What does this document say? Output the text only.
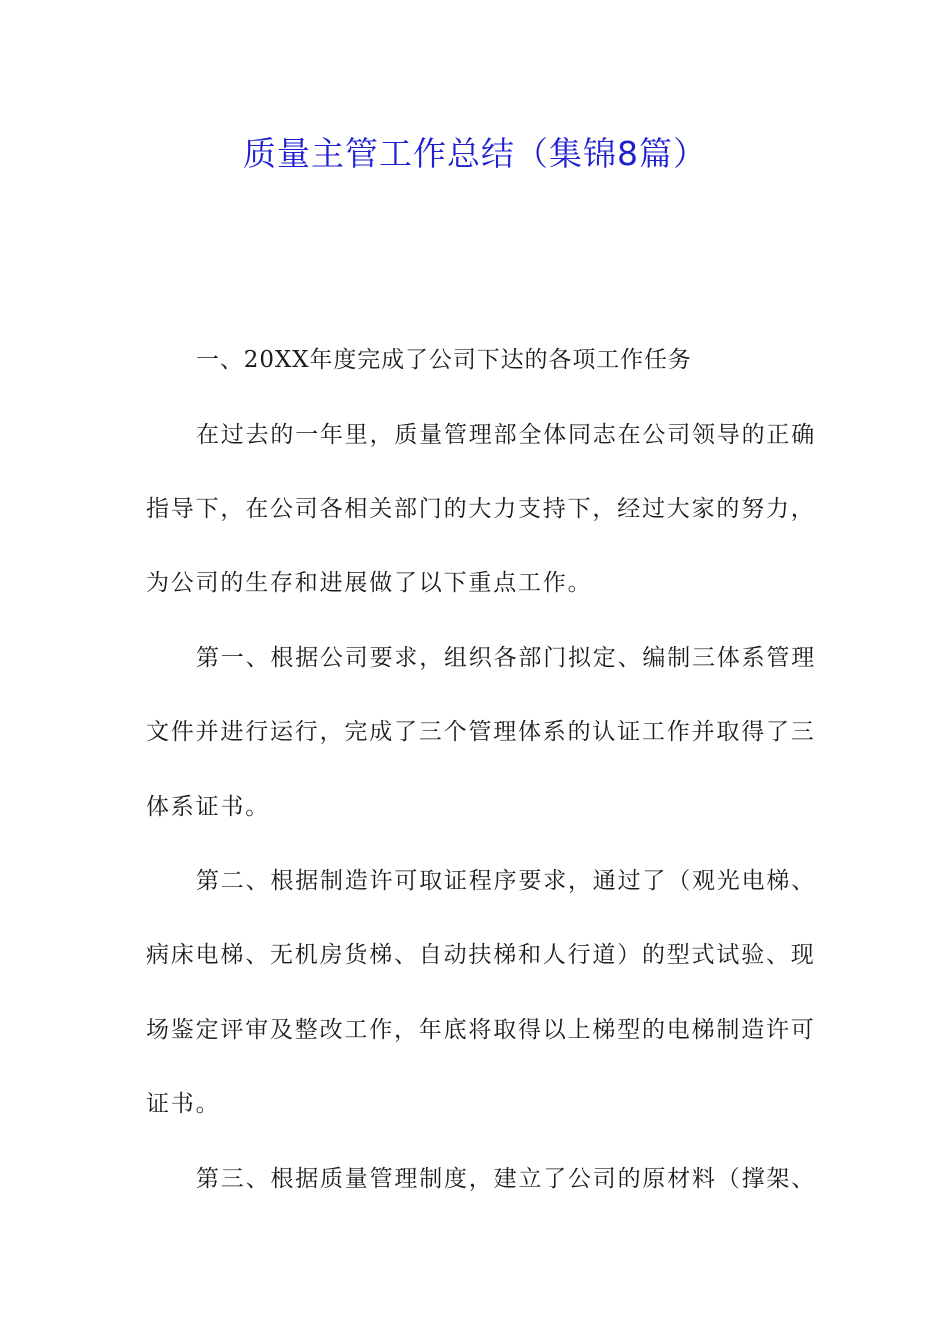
质量主管工作总结（集锦8篇）
一、20XX年度完成了公司下达的各项工作任务
在过去的一年里，质量管理部全体同志在公司领导的正确
指导下，在公司各相关部门的大力支持下，经过大家的努力，
为公司的生存和进展做了以下重点工作。
第一、根据公司要求，组织各部门拟定、编制三体系管理
文件并进行运行，完成了三个管理体系的认证工作并取得了三
体系证书。
第二、根据制造许可取证程序要求，通过了（观光电梯、
病床电梯、无机房货梯、自动扶梯和人行道）的型式试验、现
场鉴定评审及整改工作，年底将取得以上梯型的电梯制造许可
证书。
第三、根据质量管理制度，建立了公司的原材料（撑架、
